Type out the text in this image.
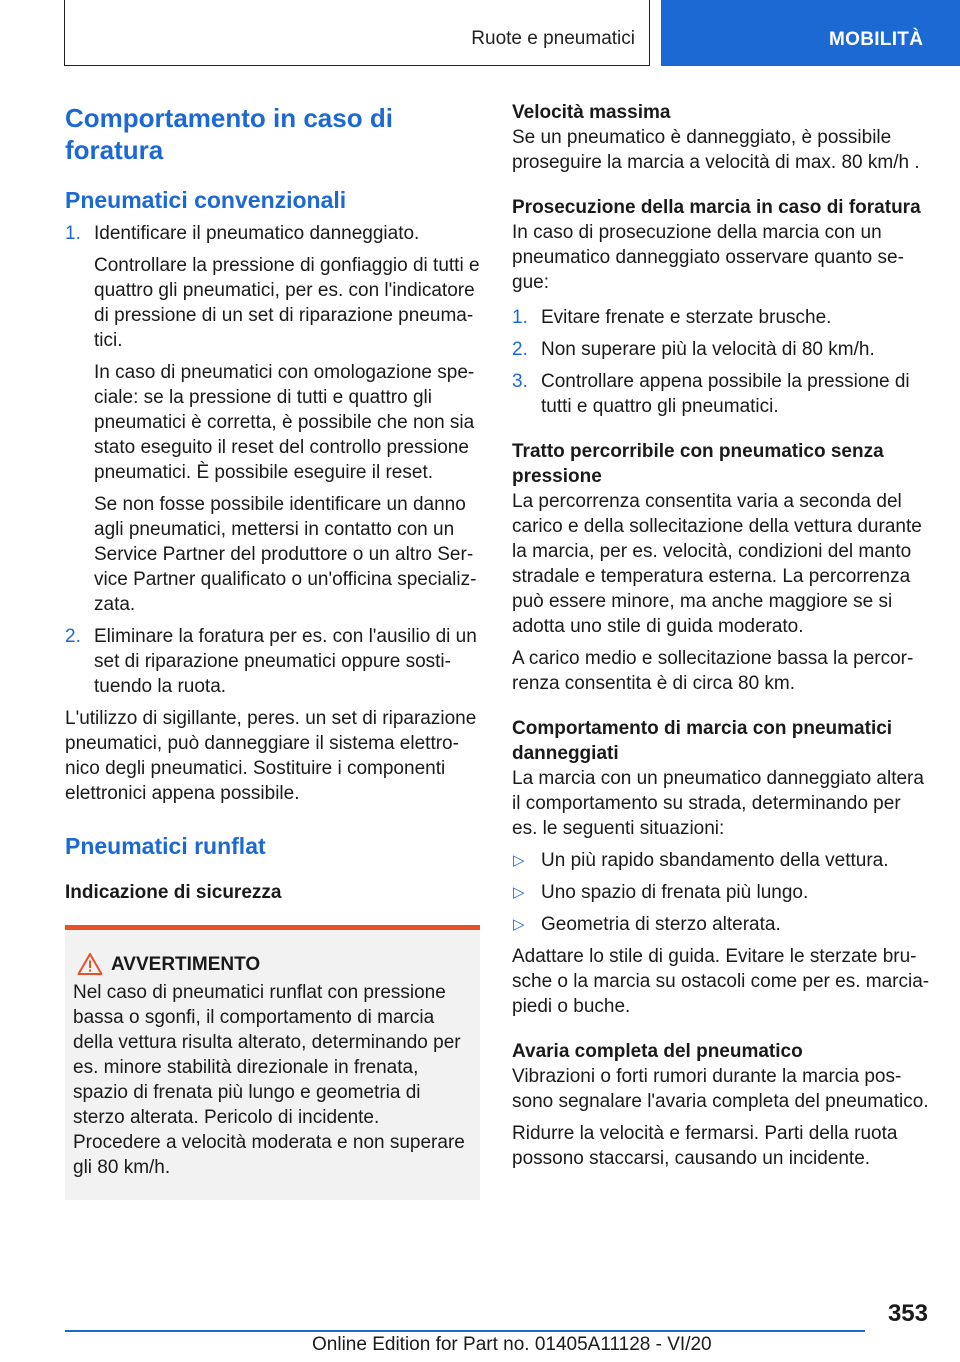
Ruote e pneumatici	MOBILITÀ
Comportamento in caso di foratura
Pneumatici convenzionali
1. Identificare il pneumatico danneggiato.
Controllare la pressione di gonfiaggio di tutti e quattro gli pneumatici, per es. con l'indicatore di pressione di un set di riparazione pneumatici.
In caso di pneumatici con omologazione speciale: se la pressione di tutti e quattro gli pneumatici è corretta, è possibile che non sia stato eseguito il reset del controllo pressione pneumatici. È possibile eseguire il reset.
Se non fosse possibile identificare un danno agli pneumatici, mettersi in contatto con un Service Partner del produttore o un altro Service Partner qualificato o un'officina specializzata.
2. Eliminare la foratura per es. con l'ausilio di un set di riparazione pneumatici oppure sostituendo la ruota.
L'utilizzo di sigillante, peres. un set di riparazione pneumatici, può danneggiare il sistema elettronico degli pneumatici. Sostituire i componenti elettronici appena possibile.
Pneumatici runflat
Indicazione di sicurezza
AVVERTIMENTO
Nel caso di pneumatici runflat con pressione bassa o sgonfi, il comportamento di marcia della vettura risulta alterato, determinando per es. minore stabilità direzionale in frenata, spazio di frenata più lungo e geometria di sterzo alterata. Pericolo di incidente. Procedere a velocità moderata e non superare gli 80 km/h.
Velocità massima
Se un pneumatico è danneggiato, è possibile proseguire la marcia a velocità di max. 80 km/h .
Prosecuzione della marcia in caso di foratura
In caso di prosecuzione della marcia con un pneumatico danneggiato osservare quanto segue:
1. Evitare frenate e sterzate brusche.
2. Non superare più la velocità di 80 km/h.
3. Controllare appena possibile la pressione di tutti e quattro gli pneumatici.
Tratto percorribile con pneumatico senza pressione
La percorrenza consentita varia a seconda del carico e della sollecitazione della vettura durante la marcia, per es. velocità, condizioni del manto stradale e temperatura esterna. La percorrenza può essere minore, ma anche maggiore se si adotta uno stile di guida moderato.
A carico medio e sollecitazione bassa la percorrenza consentita è di circa 80 km.
Comportamento di marcia con pneumatici danneggiati
La marcia con un pneumatico danneggiato altera il comportamento su strada, determinando per es. le seguenti situazioni:
▷ Un più rapido sbandamento della vettura.
▷ Uno spazio di frenata più lungo.
▷ Geometria di sterzo alterata.
Adattare lo stile di guida. Evitare le sterzate brusche o la marcia su ostacoli come per es. marciapiedi o buche.
Avaria completa del pneumatico
Vibrazioni o forti rumori durante la marcia possono segnalare l'avaria completa del pneumatico.
Ridurre la velocità e fermarsi. Parti della ruota possono staccarsi, causando un incidente.
353
Online Edition for Part no. 01405A11128 - VI/20
